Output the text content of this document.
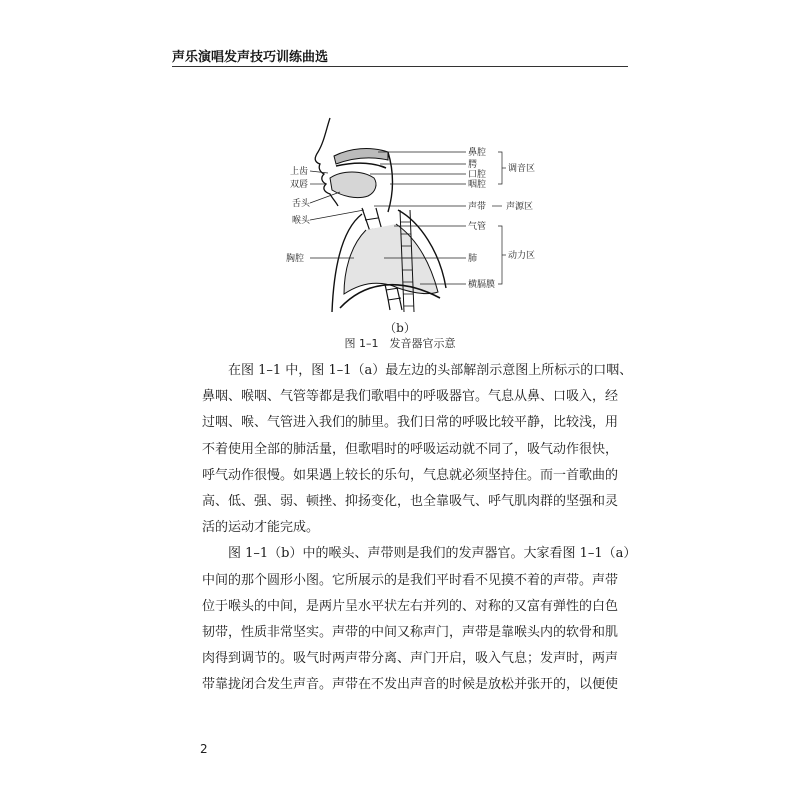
声乐演唱发声技巧训练曲选
鼻腔
腭
口腔
咽腔
声带
气管
肺
横膈膜
调音区
声源区
动力区
上齿
双唇
舌头
喉头
胸腔
（b）
图 1–1　发音器官示意

在图 1–1 中，图 1–1（a）最左边的头部解剖示意图上所标示的口咽、
鼻咽、喉咽、气管等都是我们歌唱中的呼吸器官。气息从鼻、口吸入，经
过咽、喉、气管进入我们的肺里。我们日常的呼吸比较平静，比较浅，用
不着使用全部的肺活量，但歌唱时的呼吸运动就不同了，吸气动作很快，
呼气动作很慢。如果遇上较长的乐句，气息就必须坚持住。而一首歌曲的
高、低、强、弱、顿挫、抑扬变化，也全靠吸气、呼气肌肉群的坚强和灵
活的运动才能完成。

图 1–1（b）中的喉头、声带则是我们的发声器官。大家看图 1–1（a）
中间的那个圆形小图。它所展示的是我们平时看不见摸不着的声带。声带
位于喉头的中间，是两片呈水平状左右并列的、对称的又富有弹性的白色
韧带，性质非常坚实。声带的中间又称声门，声带是靠喉头内的软骨和肌
肉得到调节的。吸气时两声带分离、声门开启，吸入气息；发声时，两声
带靠拢闭合发生声音。声带在不发出声音的时候是放松并张开的，以便使

2
